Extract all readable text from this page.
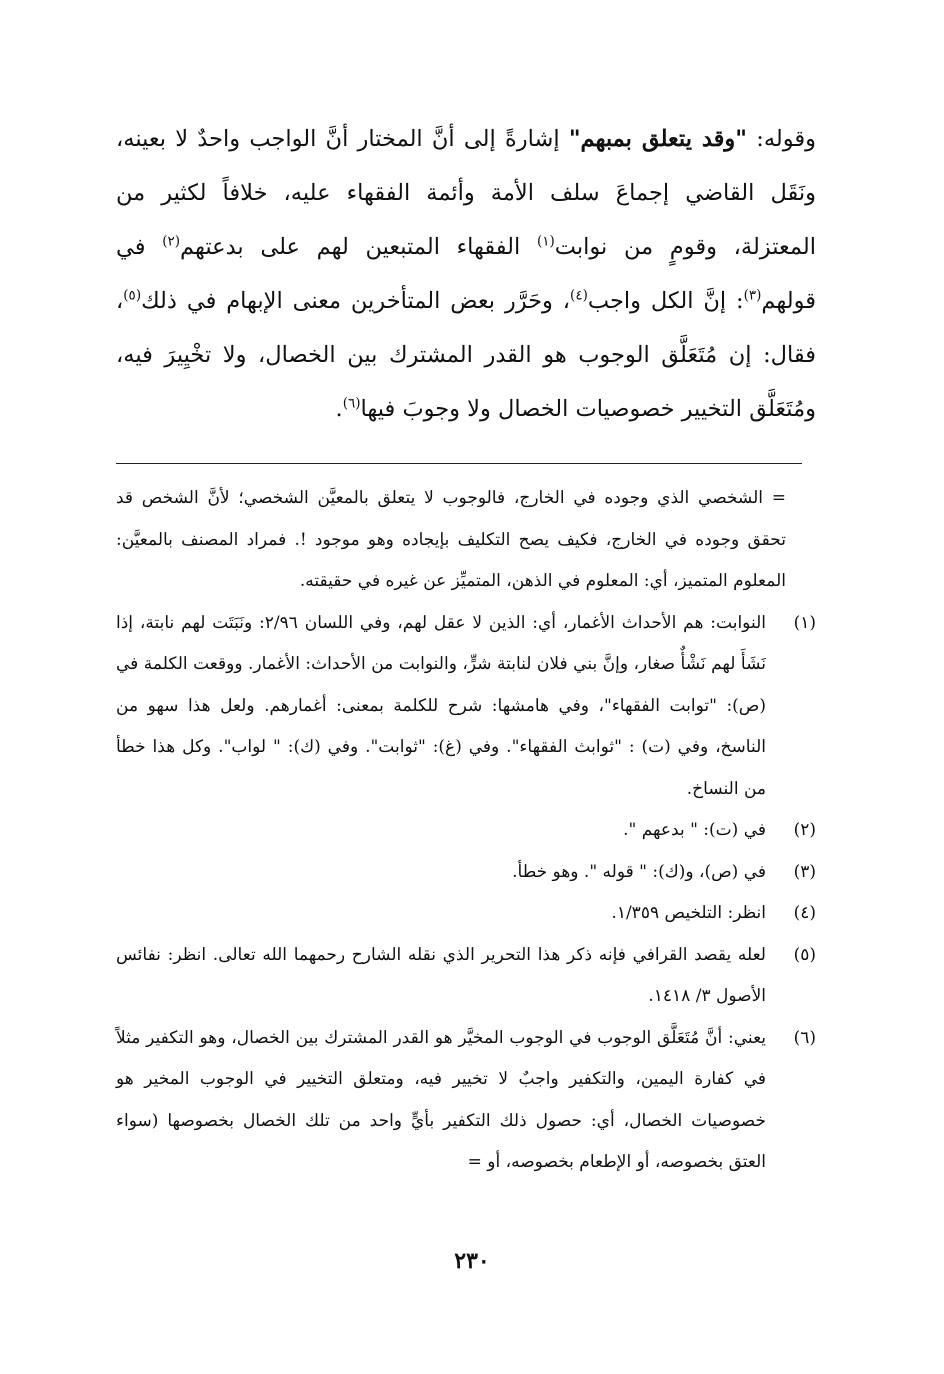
وقوله: "وقد يتعلق بمبهم" إشارةً إلى أنَّ المختار أنَّ الواجب واحدٌ لا بعينه، ونَقَل القاضي إجماعَ سلف الأمة وأئمة الفقهاء عليه، خلافاً لكثير من المعتزلة، وقومٍ من نوابت$^{(١)}$ الفقهاء المتبعين لهم على بدعتهم$^{(٢)}$ في قولهم$^{(٣)}$: إنَّ الكل واجب$^{(٤)}$، وحَرَّر بعض المتأخرين معنى الإبهام في ذلك$^{(٥)}$، فقال: إن مُتَعَلَّق الوجوب هو القدر المشترك بين الخصال، ولا تخْيِيرَ فيه، ومُتَعَلَّق التخيير خصوصيات الخصال ولا وجوبَ فيها$^{(٦)}$.

= الشخصي الذي وجوده في الخارج، فالوجوب لا يتعلق بالمعيَّن الشخصي؛ لأنَّ الشخص قد تحقق وجوده في الخارج، فكيف يصح التكليف بإيجاده وهو موجود !. فمراد المصنف بالمعيَّن: المعلوم المتميز، أي: المعلوم في الذهن، المتميِّز عن غيره في حقيقته.

(١)النوابت: هم الأحداث الأغمار، أي: الذين لا عقل لهم، وفي اللسان ٢/٩٦: ونَبَتَت لهم نابتة، إذا نَشَأَ لهم نَشْأٌ صغار، وإنَّ بني فلان لنابتة شرٍّ، والنوابت من الأحداث: الأغمار. ووقعت الكلمة في (ص): "توابت الفقهاء"، وفي هامشها: شرح للكلمة بمعنى: أغمارهم. ولعل هذا سهو من الناسخ، وفي (ت) : "ثوابث الفقهاء". وفي (غ): "ثوابت". وفي (ك): " لواب". وكل هذا خطأ من النساخ.

(٢)في (ت): " بدعهم ".

(٣)في (ص)، و(ك): " قوله ". وهو خطأ.

(٤)انظر: التلخيص ١/٣٥٩.

(٥)لعله يقصد القرافي فإنه ذكر هذا التحرير الذي نقله الشارح رحمهما الله تعالى. انظر: نفائس الأصول ٣/ ١٤١٨.

(٦)يعني: أنَّ مُتَعَلَّق الوجوب في الوجوب المخيَّر هو القدر المشترك بين الخصال، وهو التكفير مثلاً في كفارة اليمين، والتكفير واجبٌ لا تخيير فيه، ومتعلق التخيير في الوجوب المخير هو خصوصيات الخصال، أي: حصول ذلك التكفير بأيٍّ واحد من تلك الخصال بخصوصها (سواء العتق بخصوصه، أو الإطعام بخصوصه، أو =

٢٣٠
